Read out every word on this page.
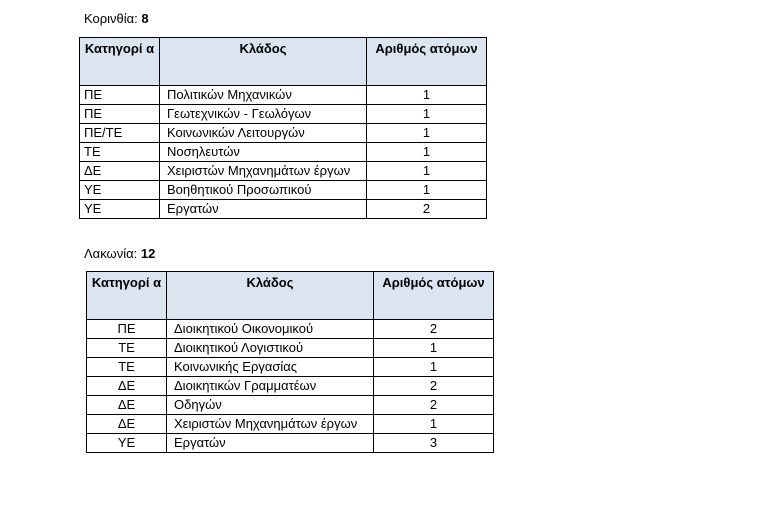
Κορινθία: 8
Κατηγορί α	Κλάδος	Αριθμός ατόμων
ΠΕ	Πολιτικών Μηχανικών	1
ΠΕ	Γεωτεχνικών - Γεωλόγων	1
ΠΕ/ΤΕ	Κοινωνικών Λειτουργών	1
ΤΕ	Νοσηλευτών	1
ΔΕ	Χειριστών Μηχανημάτων έργων	1
ΥΕ	Βοηθητικού Προσωπικού	1
ΥΕ	Εργατών	2
Λακωνία: 12
Κατηγορί α	Κλάδος	Αριθμός ατόμων
ΠΕ	Διοικητικού Οικονομικού	2
ΤΕ	Διοικητικού Λογιστικού	1
ΤΕ	Κοινωνικής Εργασίας	1
ΔΕ	Διοικητικών Γραμματέων	2
ΔΕ	Οδηγών	2
ΔΕ	Χειριστών Μηχανημάτων έργων	1
ΥΕ	Εργατών	3
